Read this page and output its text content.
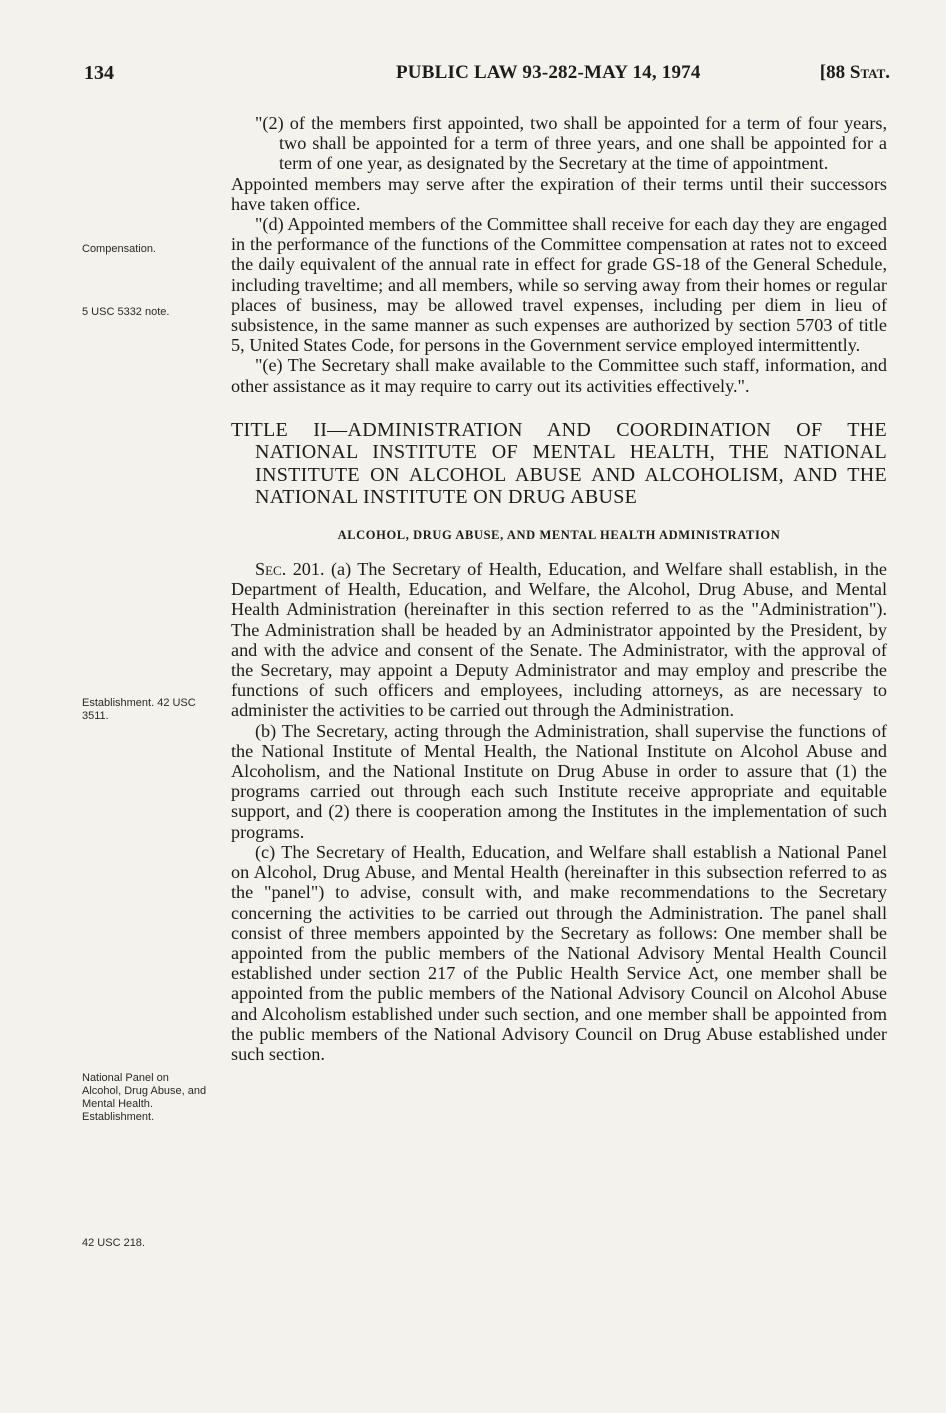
134	PUBLIC LAW 93-282-MAY 14, 1974	[88 Stat.
Compensation.
5 USC 5332 note.
Establishment. 42 USC 3511.
National Panel on Alcohol, Drug Abuse, and Mental Health. Establishment.
42 USC 218.

"(2) of the members first appointed, two shall be appointed for a term of four years, two shall be appointed for a term of three years, and one shall be appointed for a term of one year, as designated by the Secretary at the time of appointment.

Appointed members may serve after the expiration of their terms until their successors have taken office.

"(d) Appointed members of the Committee shall receive for each day they are engaged in the performance of the functions of the Committee compensation at rates not to exceed the daily equivalent of the annual rate in effect for grade GS-18 of the General Schedule, including traveltime; and all members, while so serving away from their homes or regular places of business, may be allowed travel expenses, including per diem in lieu of subsistence, in the same manner as such expenses are authorized by section 5703 of title 5, United States Code, for persons in the Government service employed intermittently.

"(e) The Secretary shall make available to the Committee such staff, information, and other assistance as it may require to carry out its activities effectively.".

TITLE II—ADMINISTRATION AND COORDINATION OF THE NATIONAL INSTITUTE OF MENTAL HEALTH, THE NATIONAL INSTITUTE ON ALCOHOL ABUSE AND ALCOHOLISM, AND THE NATIONAL INSTITUTE ON DRUG ABUSE
ALCOHOL, DRUG ABUSE, AND MENTAL HEALTH ADMINISTRATION

Sec. 201. (a) The Secretary of Health, Education, and Welfare shall establish, in the Department of Health, Education, and Welfare, the Alcohol, Drug Abuse, and Mental Health Administration (hereinafter in this section referred to as the "Administration"). The Administration shall be headed by an Administrator appointed by the President, by and with the advice and consent of the Senate. The Administrator, with the approval of the Secretary, may appoint a Deputy Administrator and may employ and prescribe the functions of such officers and employees, including attorneys, as are necessary to administer the activities to be carried out through the Administration.

(b) The Secretary, acting through the Administration, shall supervise the functions of the National Institute of Mental Health, the National Institute on Alcohol Abuse and Alcoholism, and the National Institute on Drug Abuse in order to assure that (1) the programs carried out through each such Institute receive appropriate and equitable support, and (2) there is cooperation among the Institutes in the implementation of such programs.

(c) The Secretary of Health, Education, and Welfare shall establish a National Panel on Alcohol, Drug Abuse, and Mental Health (hereinafter in this subsection referred to as the "panel") to advise, consult with, and make recommendations to the Secretary concerning the activities to be carried out through the Administration. The panel shall consist of three members appointed by the Secretary as follows: One member shall be appointed from the public members of the National Advisory Mental Health Council established under section 217 of the Public Health Service Act, one member shall be appointed from the public members of the National Advisory Council on Alcohol Abuse and Alcoholism established under such section, and one member shall be appointed from the public members of the National Advisory Council on Drug Abuse established under such section.
